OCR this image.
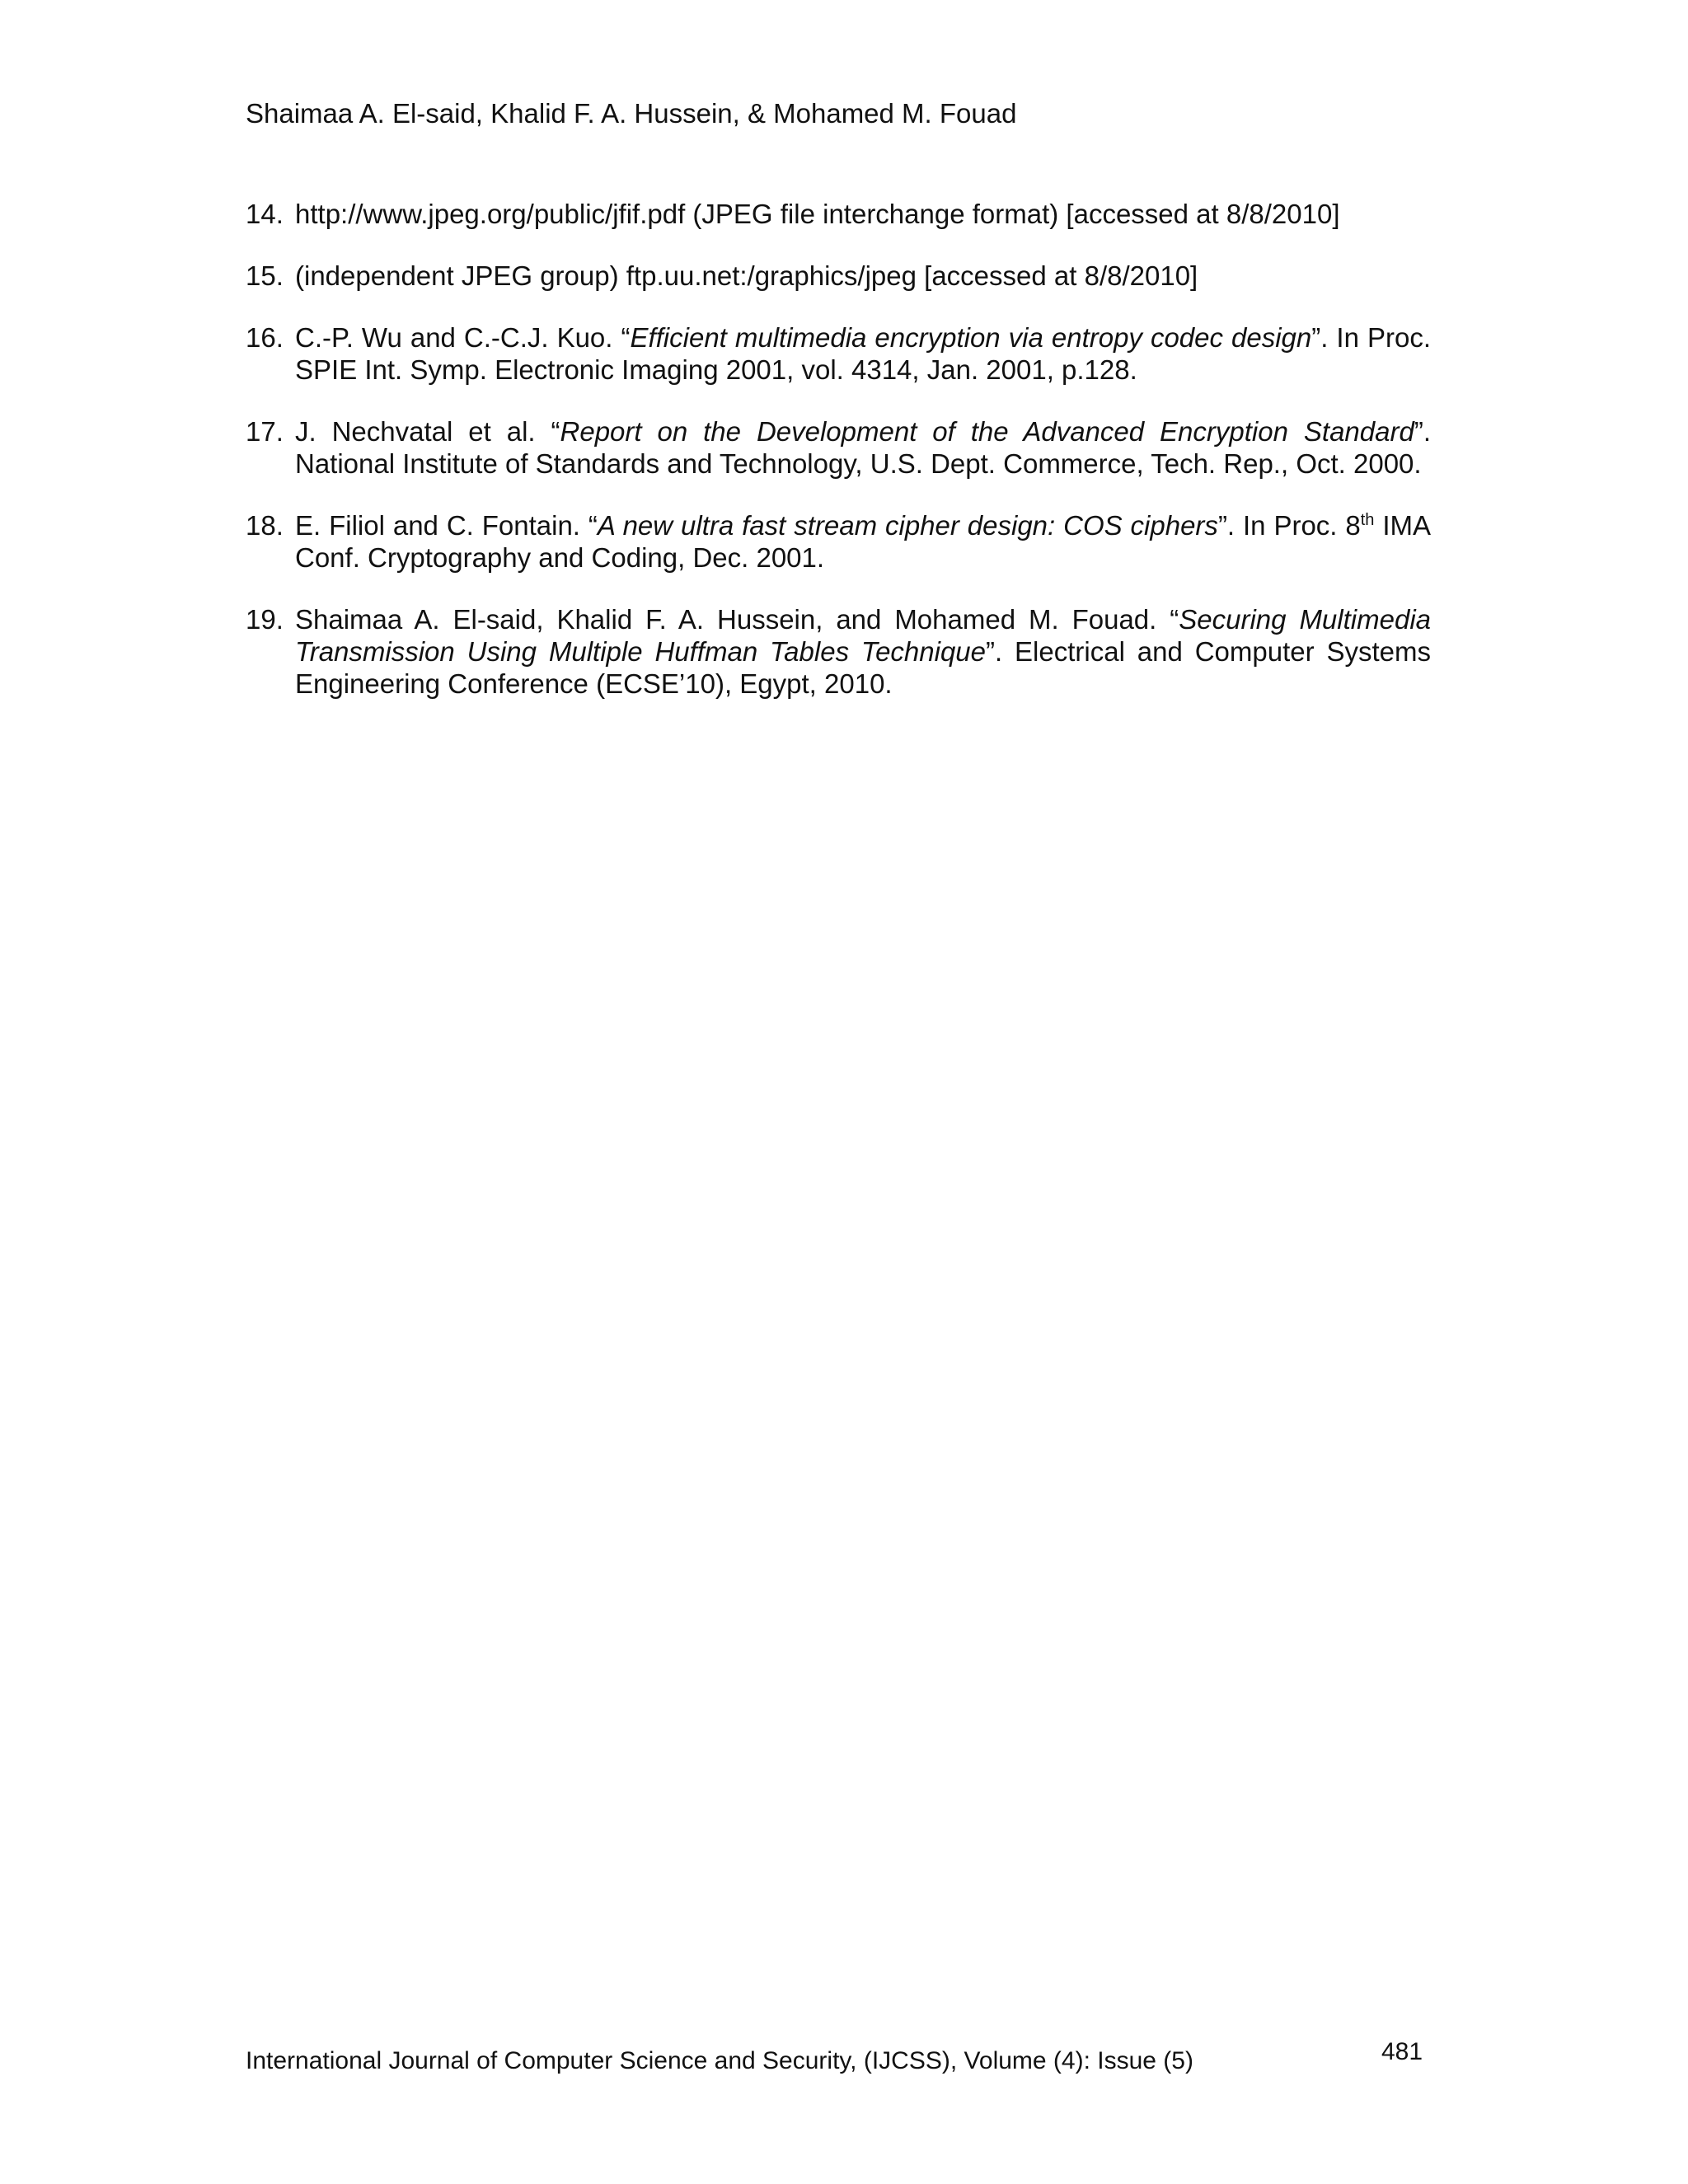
Shaimaa A. El-said, Khalid F. A. Hussein, & Mohamed M. Fouad
14. http://www.jpeg.org/public/jfif.pdf (JPEG file interchange format) [accessed at 8/8/2010]
15. (independent JPEG group) ftp.uu.net:/graphics/jpeg [accessed at 8/8/2010]
16. C.-P. Wu and C.-C.J. Kuo. “Efficient multimedia encryption via entropy codec design”. In Proc. SPIE Int. Symp. Electronic Imaging 2001, vol. 4314, Jan. 2001, p.128.
17. J. Nechvatal et al. “Report on the Development of the Advanced Encryption Standard”. National Institute of Standards and Technology, U.S. Dept. Commerce, Tech. Rep., Oct. 2000.
18. E. Filiol and C. Fontain. “A new ultra fast stream cipher design: COS ciphers”. In Proc. 8th IMA Conf. Cryptography and Coding, Dec. 2001.
19. Shaimaa A. El-said, Khalid F. A. Hussein, and Mohamed M. Fouad. “Securing Multimedia Transmission Using Multiple Huffman Tables Technique”. Electrical and Computer Systems Engineering Conference (ECSE’10), Egypt, 2010.
International Journal of Computer Science and Security, (IJCSS), Volume (4): Issue (5)	481
